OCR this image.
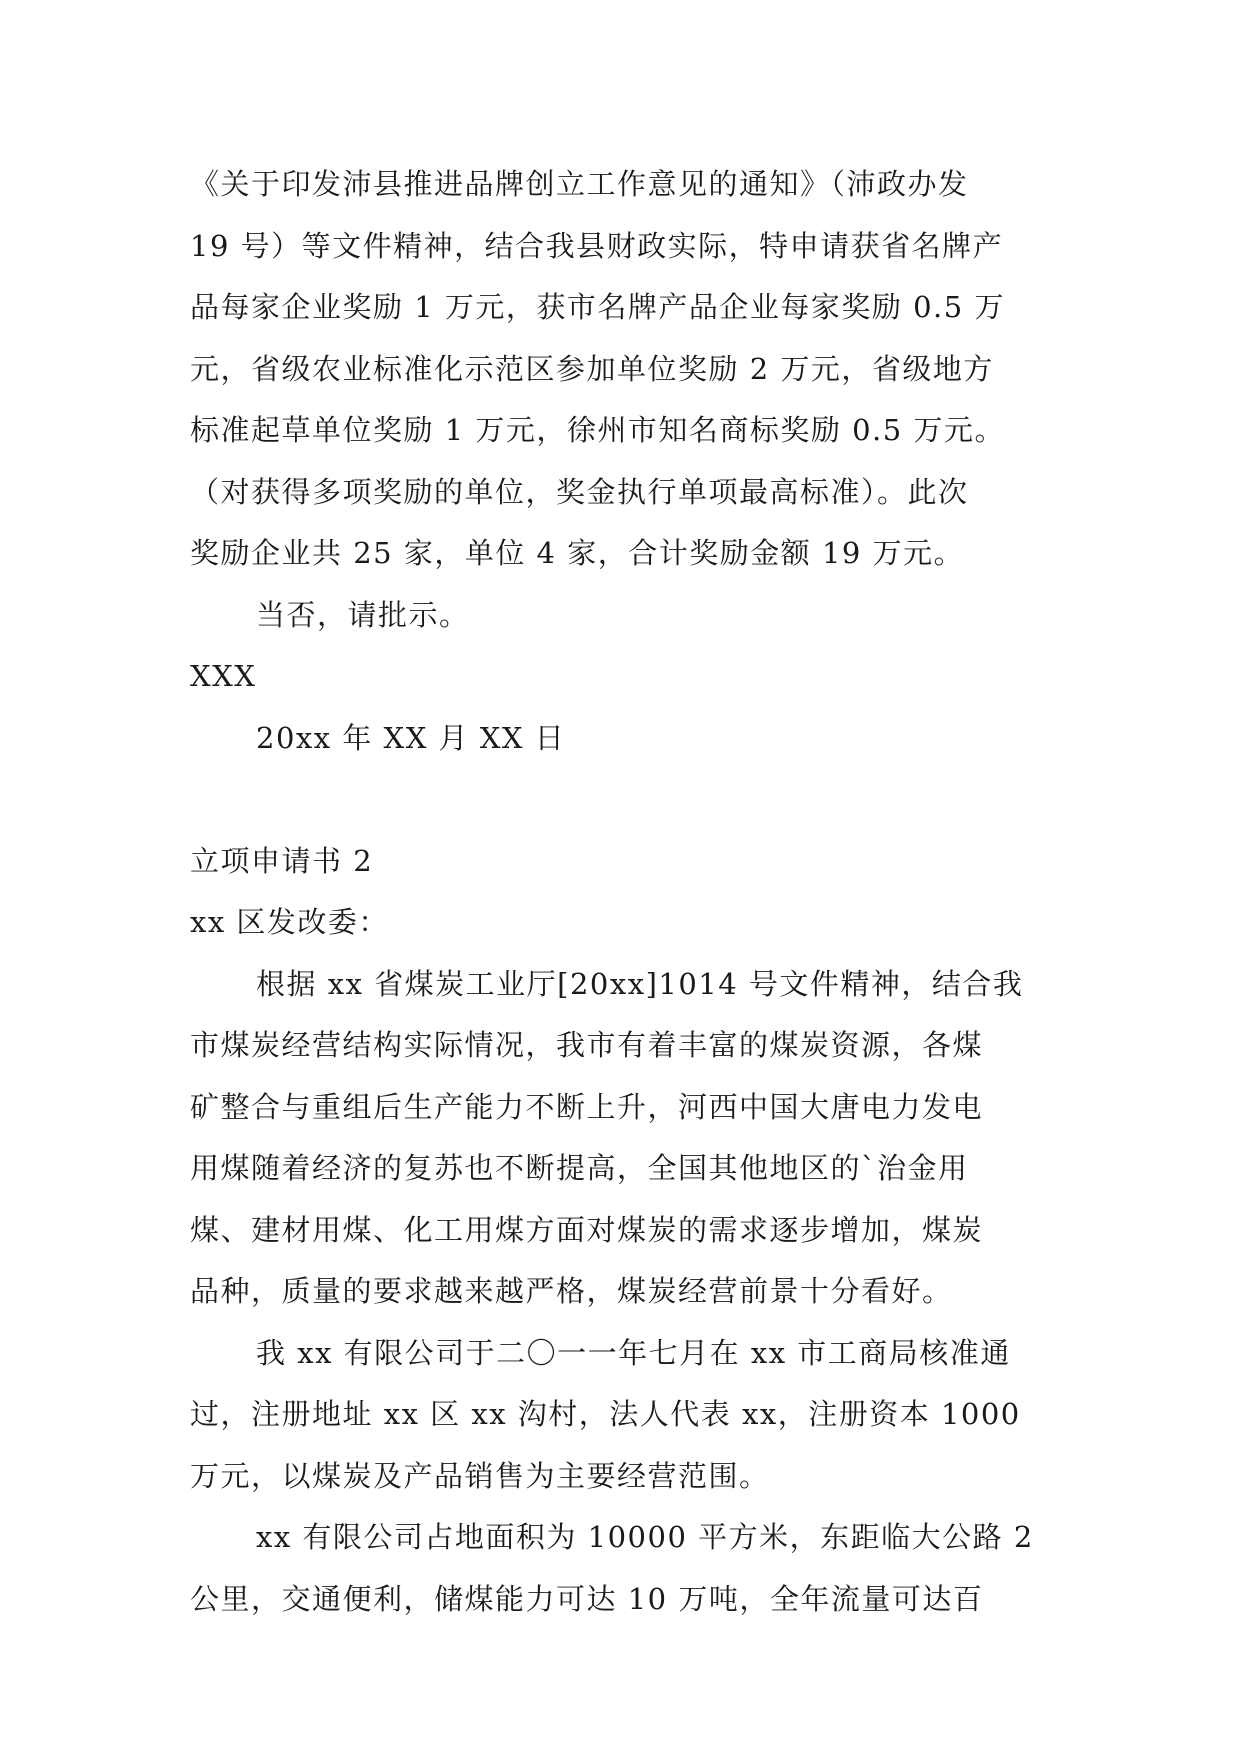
《关于印发沛县推进品牌创立工作意见的通知》（沛政办发
19 号）等文件精神，结合我县财政实际，特申请获省名牌产
品每家企业奖励 1 万元，获市名牌产品企业每家奖励 0.5 万
元，省级农业标准化示范区参加单位奖励 2 万元，省级地方
标准起草单位奖励 1 万元，徐州市知名商标奖励 0.5 万元。
（对获得多项奖励的单位，奖金执行单项最高标准）。此次
奖励企业共 25 家，单位 4 家，合计奖励金额 19 万元。
当否，请批示。
XXX
20xx 年 XX 月 XX 日
立项申请书 2
xx 区发改委：
根据 xx 省煤炭工业厅[20xx]1014 号文件精神，结合我
市煤炭经营结构实际情况，我市有着丰富的煤炭资源，各煤
矿整合与重组后生产能力不断上升，河西中国大唐电力发电
用煤随着经济的复苏也不断提高，全国其他地区的`治金用
煤、建材用煤、化工用煤方面对煤炭的需求逐步增加，煤炭
品种，质量的要求越来越严格，煤炭经营前景十分看好。
我 xx 有限公司于二〇一一年七月在 xx 市工商局核准通
过，注册地址 xx 区 xx 沟村，法人代表 xx，注册资本 1000
万元，以煤炭及产品销售为主要经营范围。
xx 有限公司占地面积为 10000 平方米，东距临大公路 2
公里，交通便利，储煤能力可达 10 万吨，全年流量可达百
